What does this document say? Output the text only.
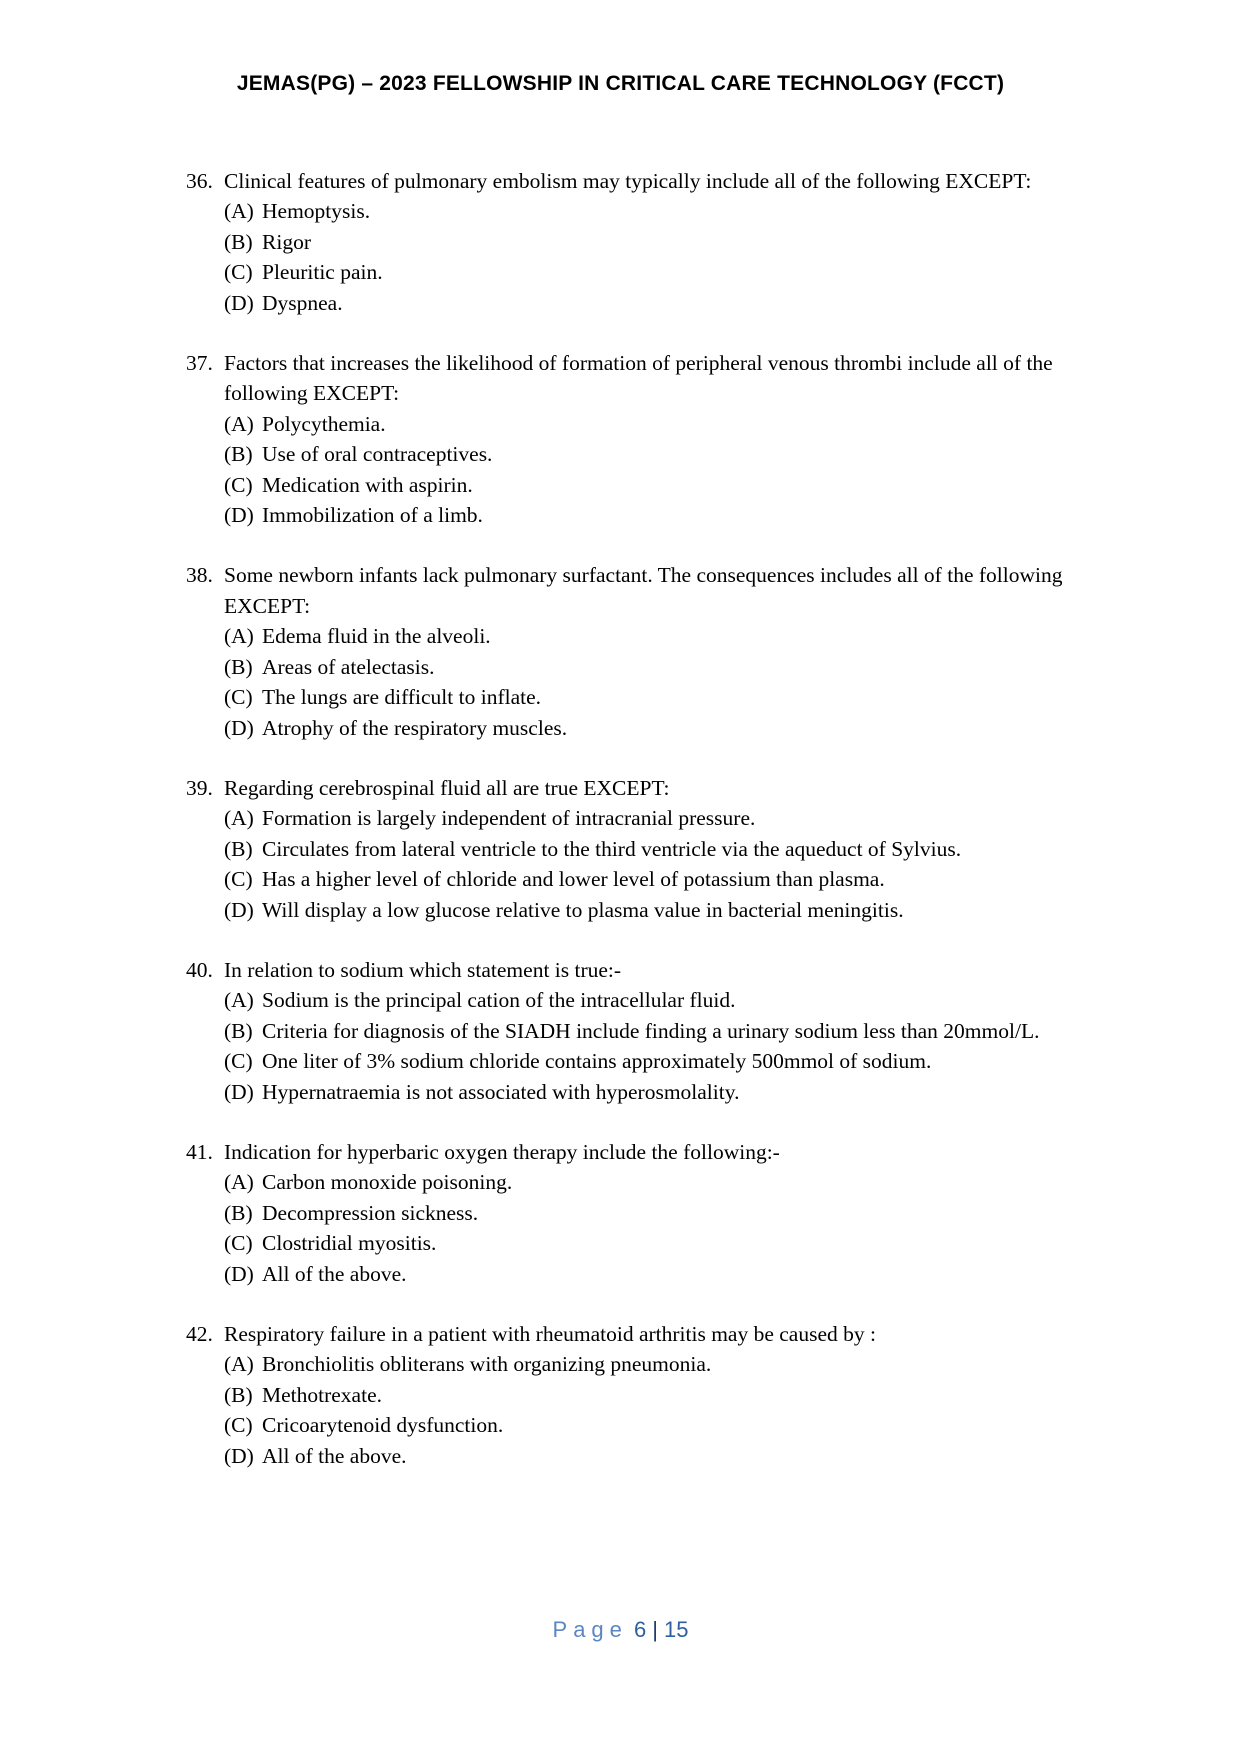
JEMAS(PG) – 2023 FELLOWSHIP IN CRITICAL CARE TECHNOLOGY (FCCT)
36. Clinical features of pulmonary embolism may typically include all of the following EXCEPT:
(A) Hemoptysis.
(B) Rigor
(C) Pleuritic pain.
(D) Dyspnea.
37. Factors that increases the likelihood of formation of peripheral venous thrombi include all of the following EXCEPT:
(A) Polycythemia.
(B) Use of oral contraceptives.
(C) Medication with aspirin.
(D) Immobilization of a limb.
38. Some newborn infants lack pulmonary surfactant. The consequences includes all of the following EXCEPT:
(A) Edema fluid in the alveoli.
(B) Areas of atelectasis.
(C) The lungs are difficult to inflate.
(D) Atrophy of the respiratory muscles.
39. Regarding cerebrospinal fluid all are true EXCEPT:
(A) Formation is largely independent of intracranial pressure.
(B) Circulates from lateral ventricle to the third ventricle via the aqueduct of Sylvius.
(C) Has a higher level of chloride and lower level of potassium than plasma.
(D) Will display a low glucose relative to plasma value in bacterial meningitis.
40. In relation to sodium which statement is true:-
(A) Sodium is the principal cation of the intracellular fluid.
(B) Criteria for diagnosis of the SIADH include finding a urinary sodium less than 20mmol/L.
(C) One liter of 3% sodium chloride contains approximately 500mmol of sodium.
(D) Hypernatraemia is not associated with hyperosmolality.
41. Indication for hyperbaric oxygen therapy include the following:-
(A) Carbon monoxide poisoning.
(B) Decompression sickness.
(C) Clostridial myositis.
(D) All of the above.
42. Respiratory failure in a patient with rheumatoid arthritis may be caused by :
(A) Bronchiolitis obliterans with organizing pneumonia.
(B) Methotrexate.
(C) Cricoarytenoid dysfunction.
(D) All of the above.
Page 6 | 15
